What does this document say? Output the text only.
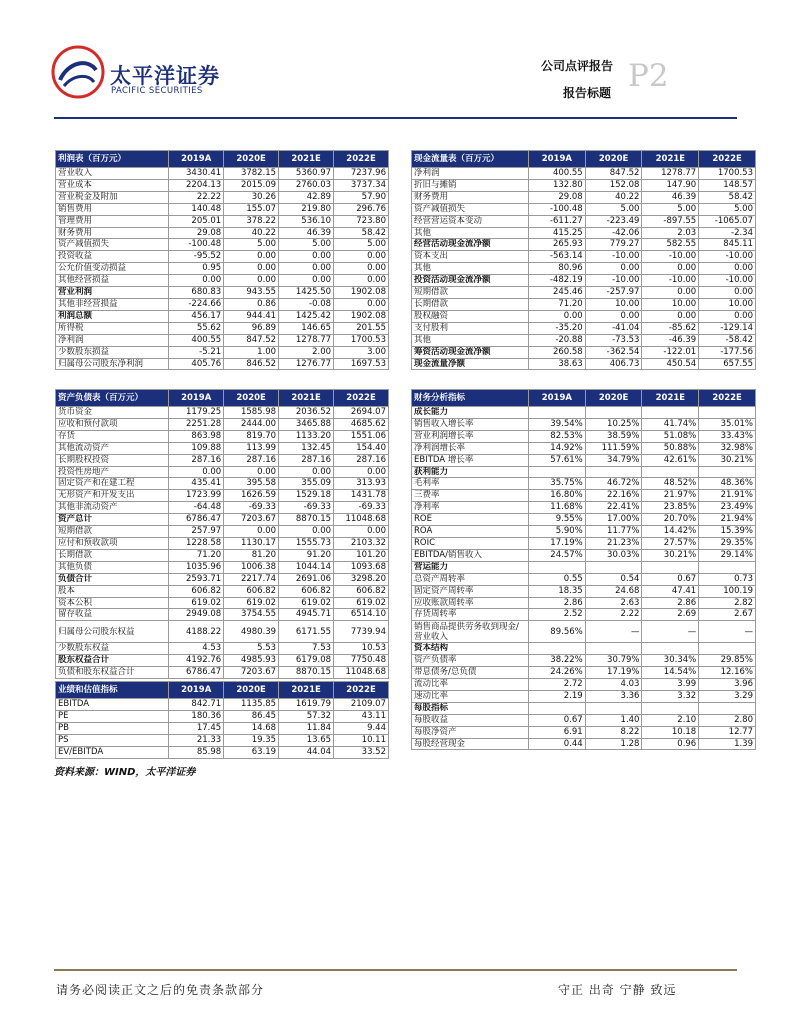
太平洋证券
PACIFIC SECURITIES
公司点评报告
报告标题 P2
利润表（百万元）	2019A	2020E	2021E	2022E
营业收入	3430.41	3782.15	5360.97	7237.96
营业成本	2204.13	2015.09	2760.03	3737.34
营业税金及附加	22.22	30.26	42.89	57.90
销售费用	140.48	155.07	219.80	296.76
管理费用	205.01	378.22	536.10	723.80
财务费用	29.08	40.22	46.39	58.42
资产减值损失	-100.48	5.00	5.00	5.00
投资收益	-95.52	0.00	0.00	0.00
公允价值变动损益	0.95	0.00	0.00	0.00
其他经营损益	0.00	0.00	0.00	0.00
营业利润	680.83	943.55	1425.50	1902.08
其他非经营损益	-224.66	0.86	-0.08	0.00
利润总额	456.17	944.41	1425.42	1902.08
所得税	55.62	96.89	146.65	201.55
净利润	400.55	847.52	1278.77	1700.53
少数股东损益	-5.21	1.00	2.00	3.00
归属母公司股东净利润	405.76	846.52	1276.77	1697.53
现金流量表（百万元）	2019A	2020E	2021E	2022E
净利润	400.55	847.52	1278.77	1700.53
折旧与摊销	132.80	152.08	147.90	148.57
财务费用	29.08	40.22	46.39	58.42
资产减值损失	-100.48	5.00	5.00	5.00
经营营运资本变动	-611.27	-223.49	-897.55	-1065.07
其他	415.25	-42.06	2.03	-2.34
经营活动现金流净额	265.93	779.27	582.55	845.11
资本支出	-563.14	-10.00	-10.00	-10.00
其他	80.96	0.00	0.00	0.00
投资活动现金流净额	-482.19	-10.00	-10.00	-10.00
短期借款	245.46	-257.97	0.00	0.00
长期借款	71.20	10.00	10.00	10.00
股权融资	0.00	0.00	0.00	0.00
支付股利	-35.20	-41.04	-85.62	-129.14
其他	-20.88	-73.53	-46.39	-58.42
筹资活动现金流净额	260.58	-362.54	-122.01	-177.56
现金流量净额	38.63	406.73	450.54	657.55
资产负债表（百万元）	2019A	2020E	2021E	2022E
货币资金	1179.25	1585.98	2036.52	2694.07
应收和预付款项	2251.28	2444.00	3465.88	4685.62
存货	863.98	819.70	1133.20	1551.06
其他流动资产	109.88	113.99	132.45	154.40
长期股权投资	287.16	287.16	287.16	287.16
投资性房地产	0.00	0.00	0.00	0.00
固定资产和在建工程	435.41	395.58	355.09	313.93
无形资产和开发支出	1723.99	1626.59	1529.18	1431.78
其他非流动资产	-64.48	-69.33	-69.33	-69.33
资产总计	6786.47	7203.67	8870.15	11048.68
短期借款	257.97	0.00	0.00	0.00
应付和预收款项	1228.58	1130.17	1555.73	2103.32
长期借款	71.20	81.20	91.20	101.20
其他负债	1035.96	1006.38	1044.14	1093.68
负债合计	2593.71	2217.74	2691.06	3298.20
股本	606.82	606.82	606.82	606.82
资本公积	619.02	619.02	619.02	619.02
留存收益	2949.08	3754.55	4945.71	6514.10
归属母公司股东权益	4188.22	4980.39	6171.55	7739.94
少数股东权益	4.53	5.53	7.53	10.53
股东权益合计	4192.76	4985.93	6179.08	7750.48
负债和股东权益合计	6786.47	7203.67	8870.15	11048.68
业绩和估值指标	2019A	2020E	2021E	2022E
EBITDA	842.71	1135.85	1619.79	2109.07
PE	180.36	86.45	57.32	43.11
PB	17.45	14.68	11.84	9.44
PS	21.33	19.35	13.65	10.11
EV/EBITDA	85.98	63.19	44.04	33.52
财务分析指标	2019A	2020E	2021E	2022E
成长能力				
销售收入增长率	39.54%	10.25%	41.74%	35.01%
营业利润增长率	82.53%	38.59%	51.08%	33.43%
净利润增长率	14.92%	111.59%	50.88%	32.98%
EBITDA 增长率	57.61%	34.79%	42.61%	30.21%
获利能力				
毛利率	35.75%	46.72%	48.52%	48.36%
三费率	16.80%	22.16%	21.97%	21.91%
净利率	11.68%	22.41%	23.85%	23.49%
ROE	9.55%	17.00%	20.70%	21.94%
ROA	5.90%	11.77%	14.42%	15.39%
ROIC	17.19%	21.23%	27.57%	29.35%
EBITDA/销售收入	24.57%	30.03%	30.21%	29.14%
营运能力				
总资产周转率	0.55	0.54	0.67	0.73
固定资产周转率	18.35	24.68	47.41	100.19
应收账款周转率	2.86	2.63	2.86	2.82
存货周转率	2.52	2.22	2.69	2.67
销售商品提供劳务收到现金/营业收入	89.56%	—	—	—
资本结构				
资产负债率	38.22%	30.79%	30.34%	29.85%
带息债务/总负债	24.26%	17.19%	14.54%	12.16%
流动比率	2.72	4.03	3.99	3.96
速动比率	2.19	3.36	3.32	3.29
每股指标				
每股收益	0.67	1.40	2.10	2.80
每股净资产	6.91	8.22	10.18	12.77
每股经营现金	0.44	1.28	0.96	1.39
资料来源：WIND，太平洋证券
请务必阅读正文之后的免责条款部分	守正 出奇 宁静 致远
